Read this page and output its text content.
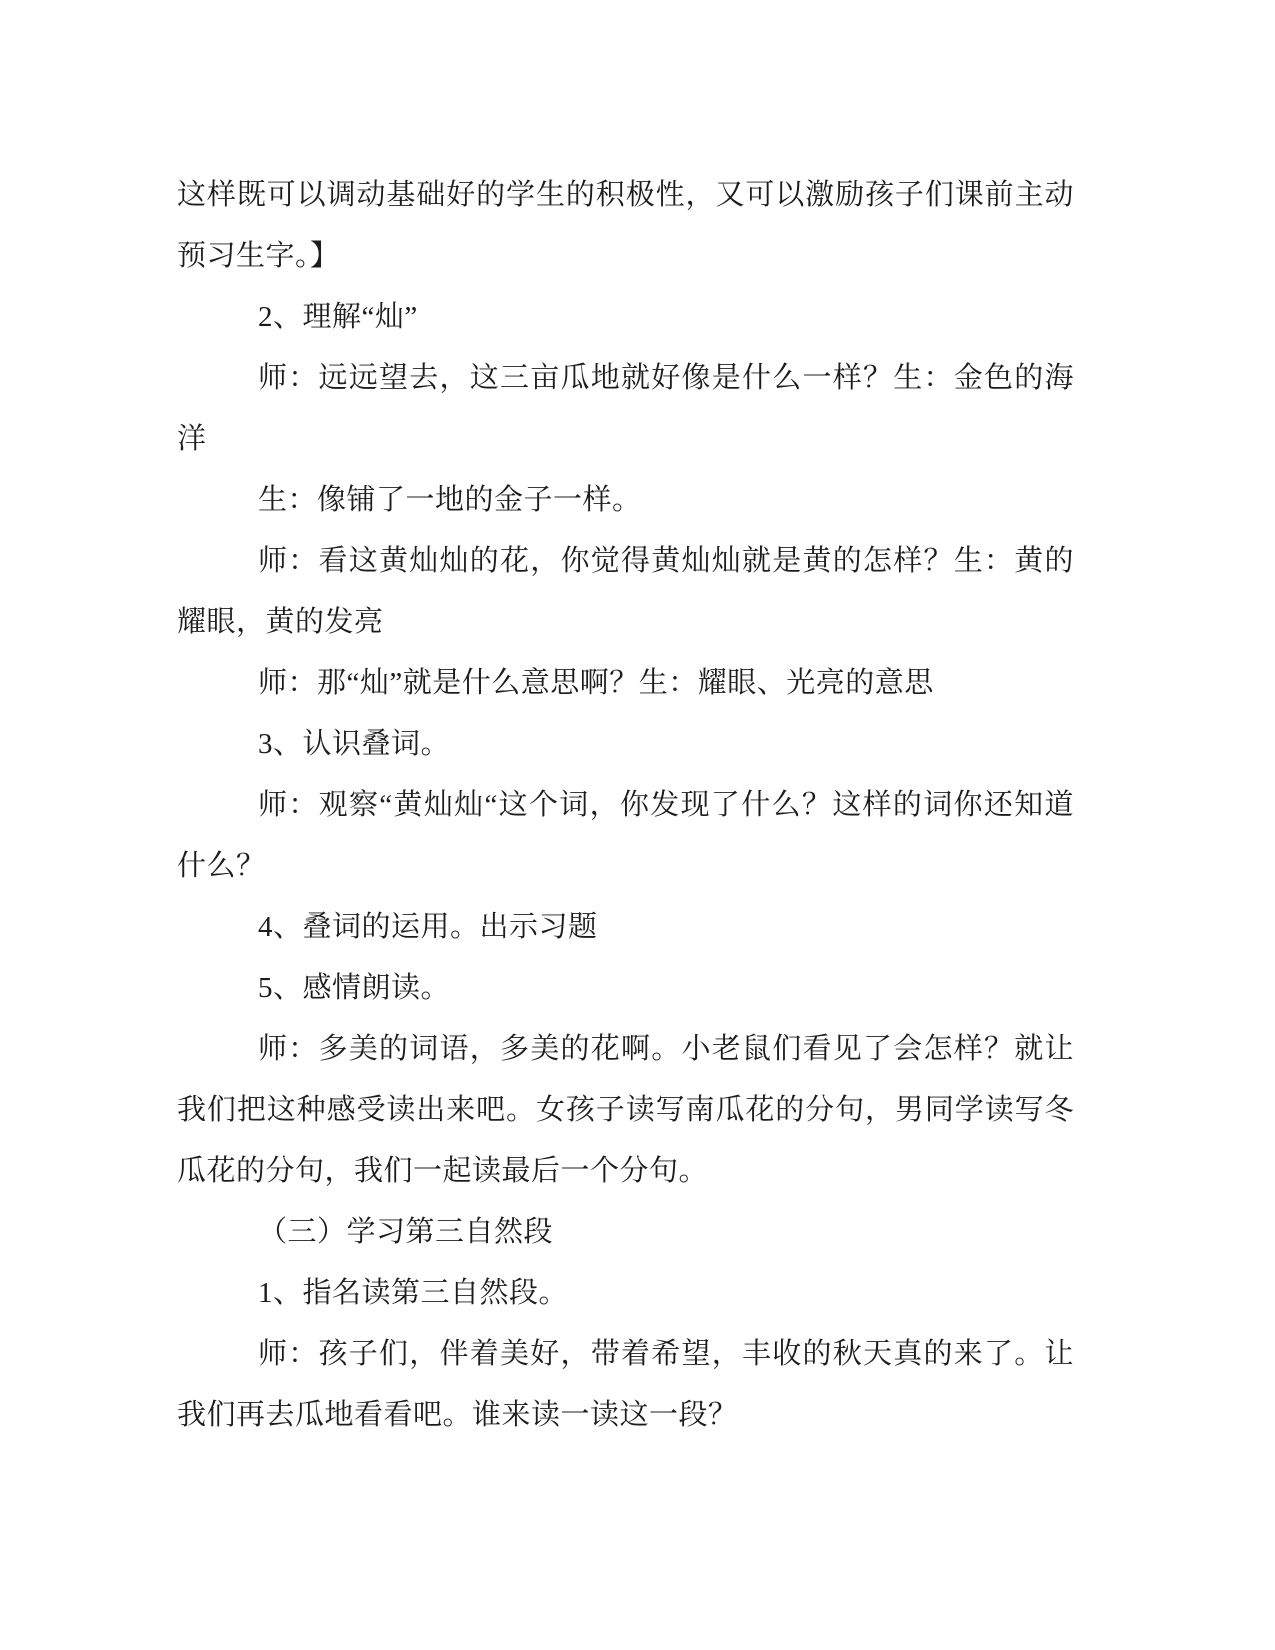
这样既可以调动基础好的学生的积极性，又可以激励孩子们课前主动预习生字。】

2、理解“灿”

师：远远望去，这三亩瓜地就好像是什么一样？生：金色的海洋

生：像铺了一地的金子一样。

师：看这黄灿灿的花，你觉得黄灿灿就是黄的怎样？生：黄的耀眼，黄的发亮

师：那“灿”就是什么意思啊？生：耀眼、光亮的意思

3、认识叠词。

师：观察“黄灿灿“这个词，你发现了什么？这样的词你还知道什么？

4、叠词的运用。出示习题

5、感情朗读。

师：多美的词语，多美的花啊。小老鼠们看见了会怎样？就让我们把这种感受读出来吧。女孩子读写南瓜花的分句，男同学读写冬瓜花的分句，我们一起读最后一个分句。

（三）学习第三自然段

1、指名读第三自然段。

师：孩子们，伴着美好，带着希望，丰收的秋天真的来了。让我们再去瓜地看看吧。谁来读一读这一段？
